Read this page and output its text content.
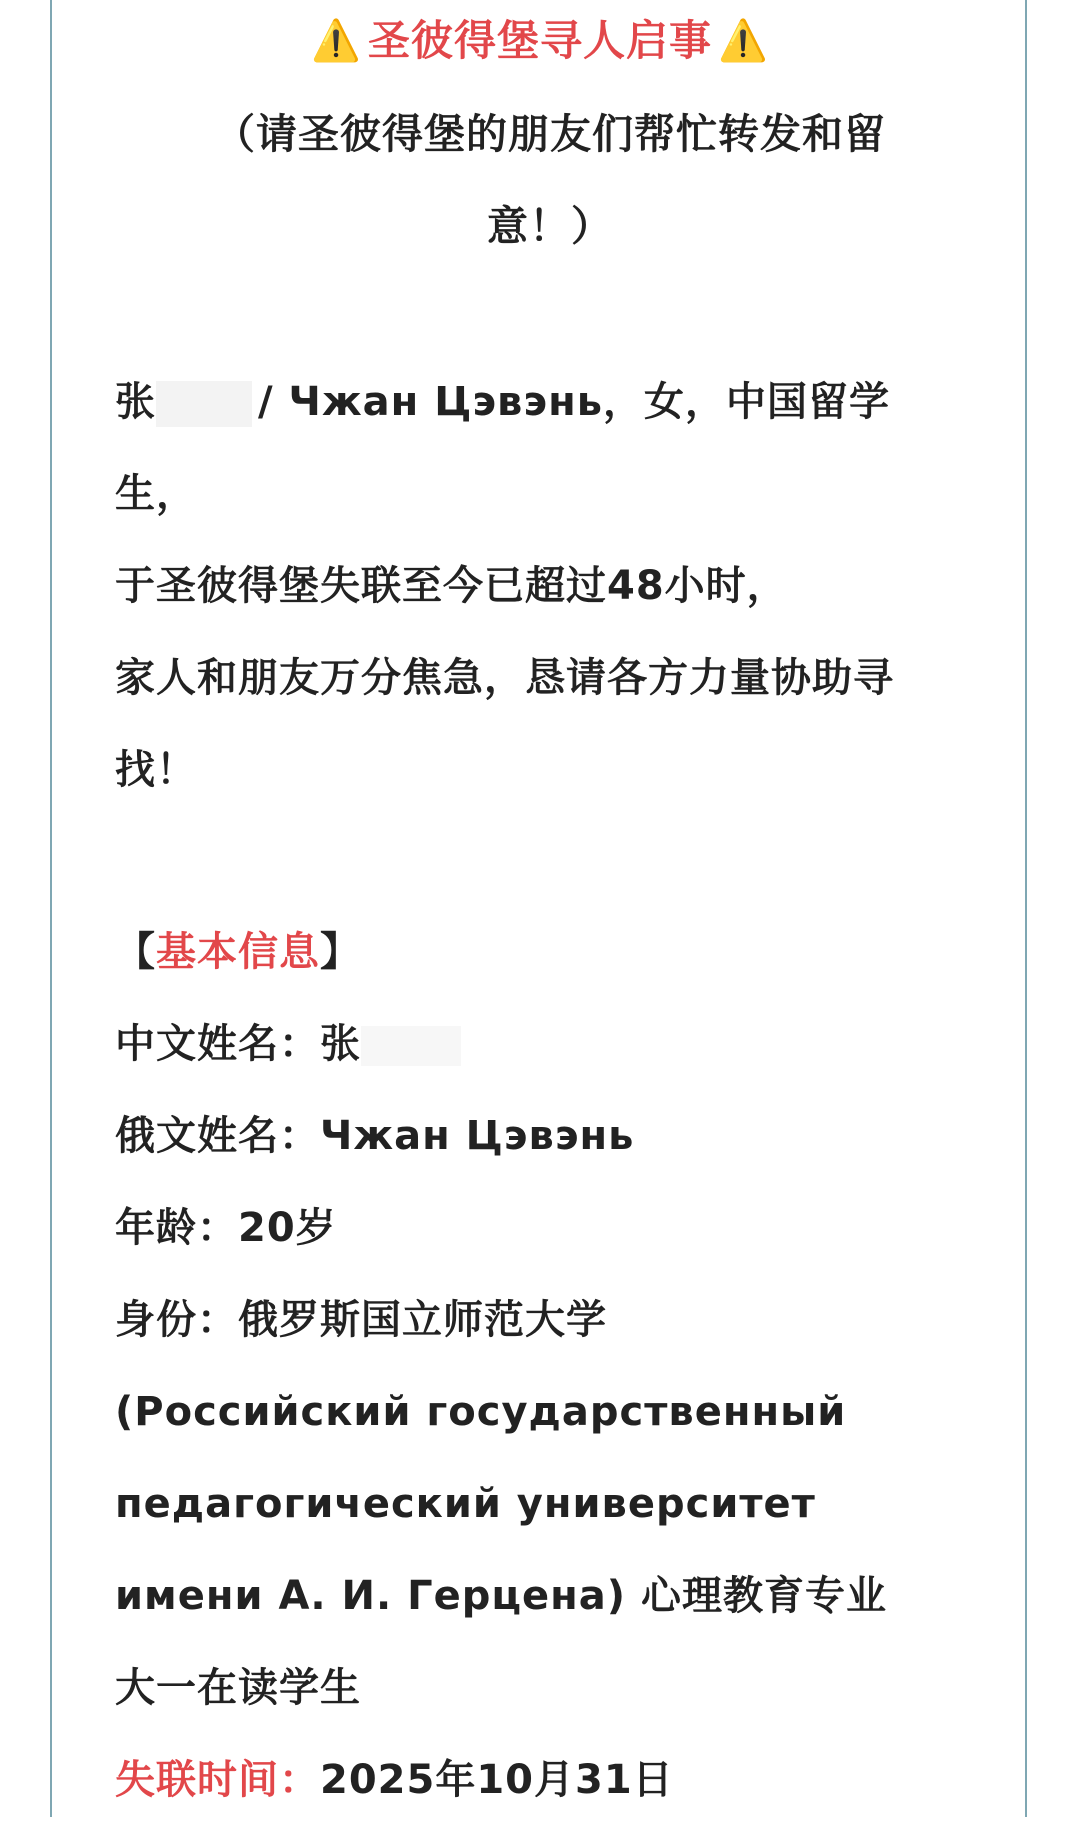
⚠️ 圣彼得堡寻人启事 ⚠️
（请圣彼得堡的朋友们帮忙转发和留意！）
张	/ Чжан Цэвэнь，女，中国留学生，
于圣彼得堡失联至今已超过48小时，
家人和朋友万分焦急，恳请各方力量协助寻找！
【基本信息】
中文姓名：张
俄文姓名：Чжан Цэвэнь
年龄：20岁
身份：俄罗斯国立师范大学
(Российский государственный
педагогический университет
имени А. И. Герцена) 心理教育专业
大一在读学生
失联时间：2025年10月31日
